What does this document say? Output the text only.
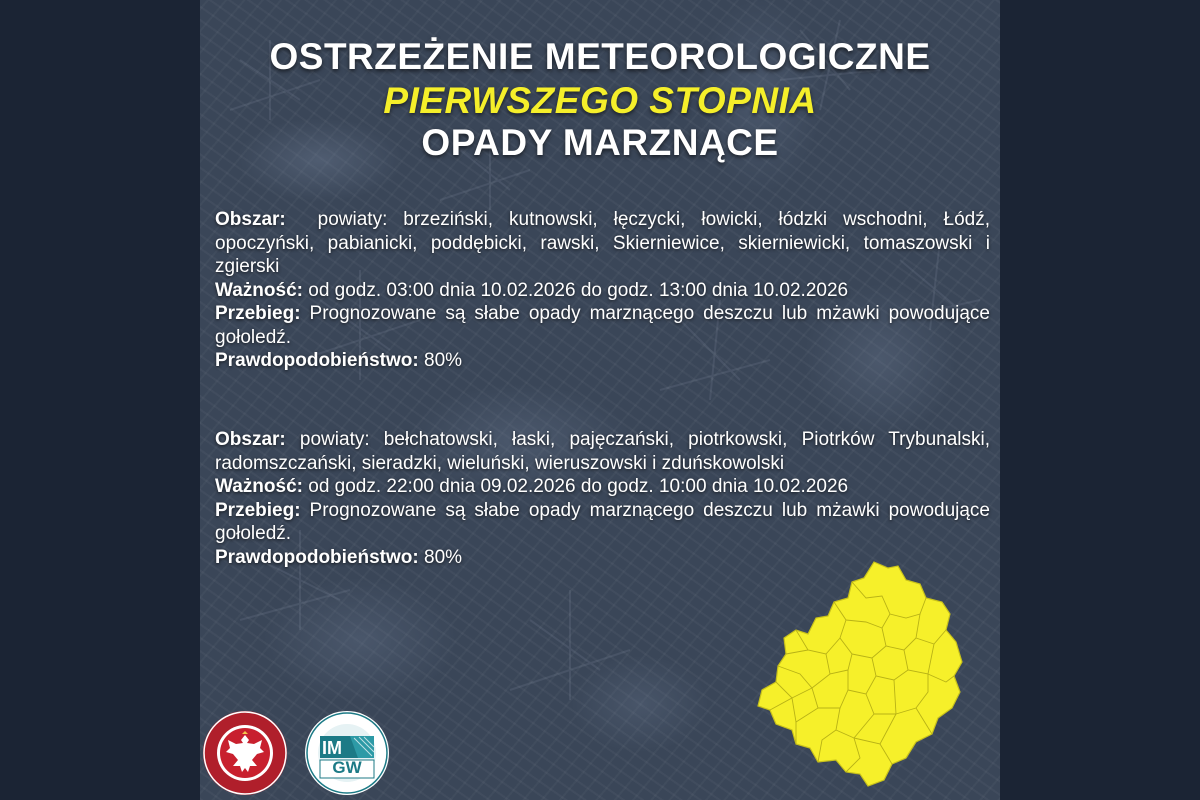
OSTRZEŻENIE METEOROLOGICZNE
PIERWSZEGO STOPNIA
OPADY MARZNĄCE

Obszar: powiaty: brzeziński, kutnowski, łęczycki, łowicki, łódzki wschodni, Łódź, opoczyński, pabianicki, poddębicki, rawski, Skierniewice, skierniewicki, tomaszowski i zgierski

Ważność: od godz. 03:00 dnia 10.02.2026 do godz. 13:00 dnia 10.02.2026

Przebieg: Prognozowane są słabe opady marznącego deszczu lub mżawki powodujące gołoledź.

Prawdopodobieństwo: 80%

Obszar: powiaty: bełchatowski, łaski, pajęczański, piotrkowski, Piotrków Trybunalski, radomszczański, sieradzki, wieluński, wieruszowski i zduńskowolski

Ważność: od godz. 22:00 dnia 09.02.2026 do godz. 10:00 dnia 10.02.2026

Przebieg: Prognozowane są słabe opady marznącego deszczu lub mżawki powodujące gołoledź.

Prawdopodobieństwo: 80%

IM
GW
